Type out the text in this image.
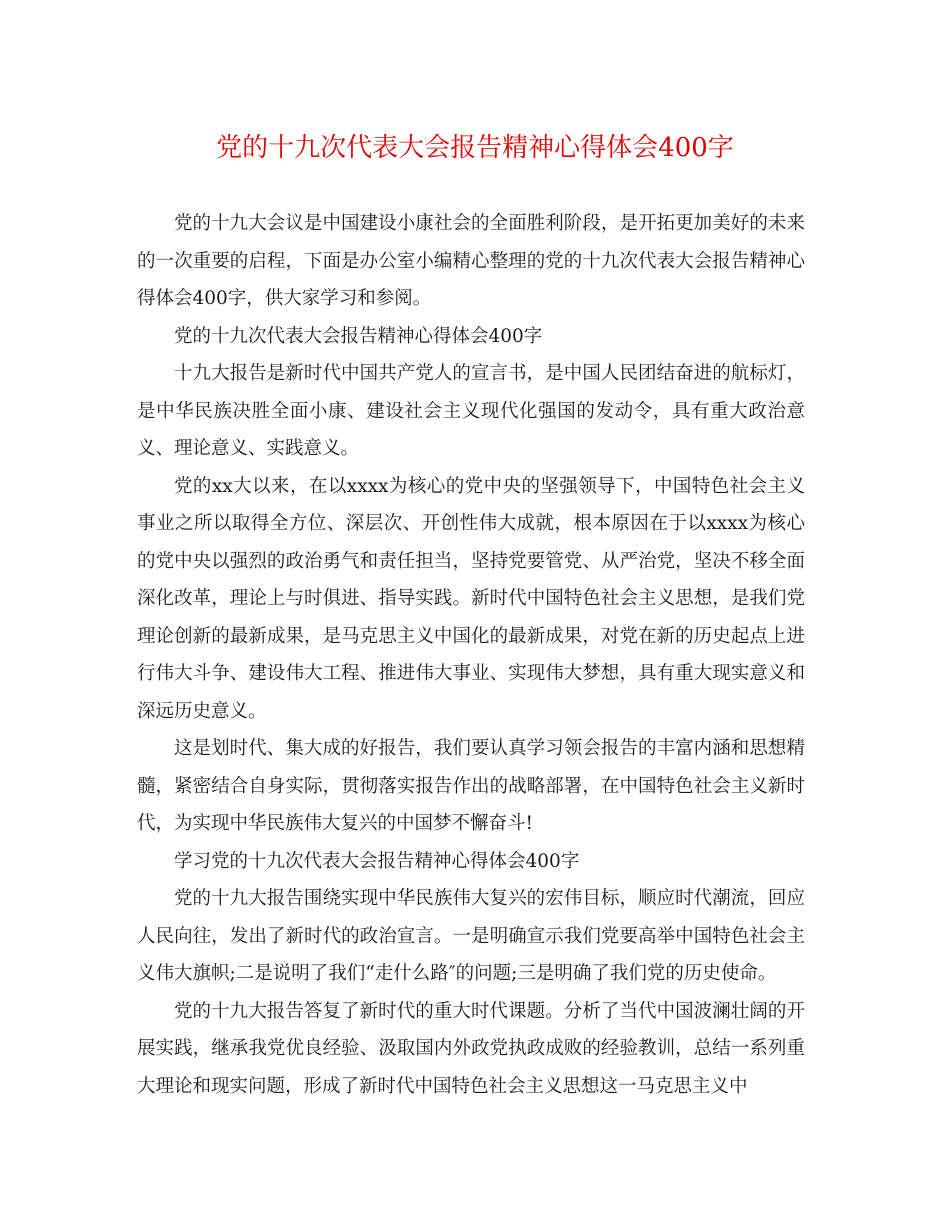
党的十九次代表大会报告精神心得体会400字

党的十九大会议是中国建设小康社会的全面胜利阶段，是开拓更加美好的未来的一次重要的启程，下面是办公室小编精心整理的党的十九次代表大会报告精神心得体会400字，供大家学习和参阅。

党的十九次代表大会报告精神心得体会400字

十九大报告是新时代中国共产党人的宣言书，是中国人民团结奋进的航标灯，是中华民族决胜全面小康、建设社会主义现代化强国的发动令，具有重大政治意义、理论意义、实践意义。

党的xx大以来，在以xxxx为核心的党中央的坚强领导下，中国特色社会主义事业之所以取得全方位、深层次、开创性伟大成就，根本原因在于以xxxx为核心的党中央以强烈的政治勇气和责任担当，坚持党要管党、从严治党，坚决不移全面深化改革，理论上与时俱进、指导实践。新时代中国特色社会主义思想，是我们党理论创新的最新成果，是马克思主义中国化的最新成果，对党在新的历史起点上进行伟大斗争、建设伟大工程、推进伟大事业、实现伟大梦想，具有重大现实意义和深远历史意义。

这是划时代、集大成的好报告，我们要认真学习领会报告的丰富内涵和思想精髓，紧密结合自身实际，贯彻落实报告作出的战略部署，在中国特色社会主义新时代，为实现中华民族伟大复兴的中国梦不懈奋斗!

学习党的十九次代表大会报告精神心得体会400字

党的十九大报告围绕实现中华民族伟大复兴的宏伟目标，顺应时代潮流，回应人民向往，发出了新时代的政治宣言。一是明确宣示我们党要高举中国特色社会主义伟大旗帜;二是说明了我们“走什么路″的问题;三是明确了我们党的历史使命。

党的十九大报告答复了新时代的重大时代课题。分析了当代中国波澜壮阔的开展实践，继承我党优良经验、汲取国内外政党执政成败的经验教训，总结一系列重大理论和现实问题，形成了新时代中国特色社会主义思想这一马克思主义中
